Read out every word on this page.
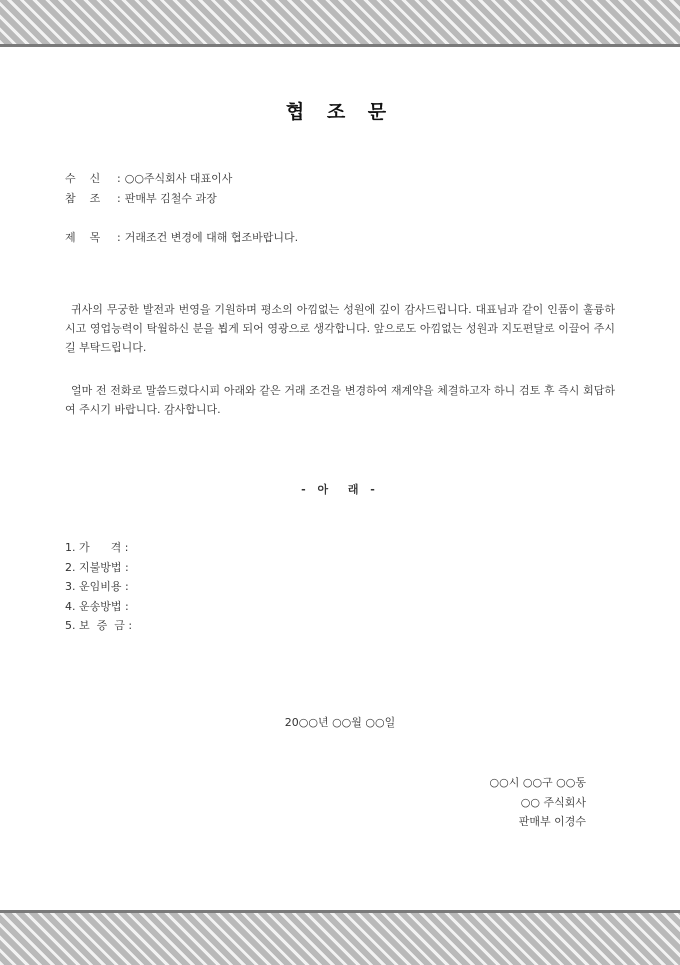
협 조 문
수    신 : ○○주식회사 대표이사
참    조 : 판매부 김철수 과장
제    목 : 거래조건 변경에 대해 협조바랍니다.
귀사의 무궁한 발전과 번영을 기원하며 평소의 아낌없는 성원에 깊이 감사드립니다. 대표님과 같이 인품이 훌륭하시고 영업능력이 탁월하신 분을 뵙게 되어 영광으로 생각합니다. 앞으로도 아낌없는 성원과 지도편달로 이끌어 주시길 부탁드립니다.
얼마 전 전화로 말씀드렸다시피 아래와 같은 거래 조건을 변경하여 재계약을 체결하고자 하니 검토 후 즉시 회답하여 주시기 바랍니다. 감사합니다.
- 아  래 -
1. 가      격 :
2. 지불방법 :
3. 운임비용 :
4. 운송방법 :
5. 보  증  금 :
20○○년 ○○월 ○○일
○○시 ○○구 ○○동
○○ 주식회사
판매부 이경수
